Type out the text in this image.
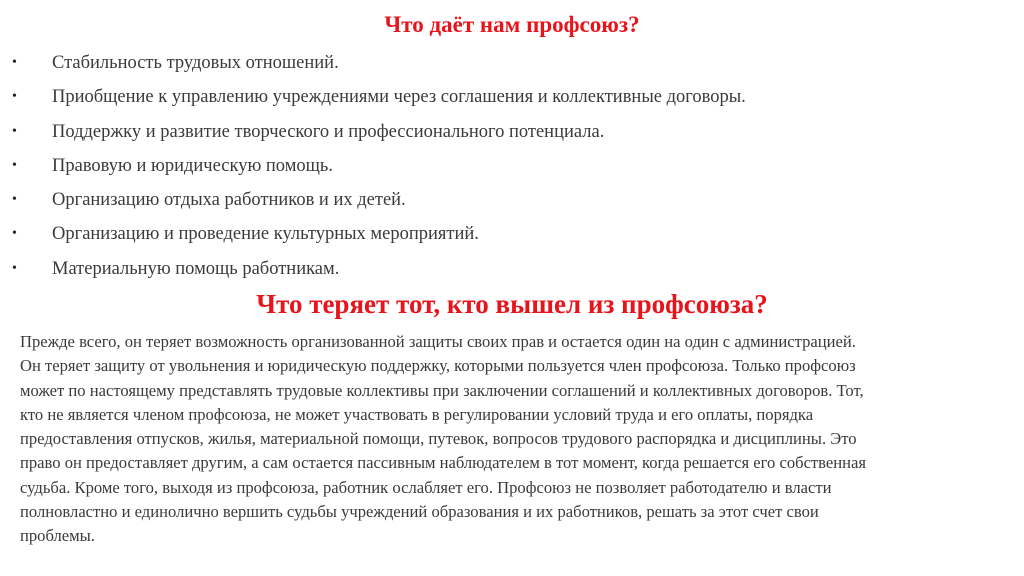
Что даёт нам профсоюз?
•	Стабильность трудовых отношений.
•	Приобщение к управлению учреждениями через соглашения и коллективные договоры.
•	Поддержку и развитие творческого и профессионального потенциала.
•	Правовую и юридическую помощь.
•	Организацию отдыха работников и их детей.
•	Организацию и проведение культурных мероприятий.
•	Материальную помощь работникам.
Что теряет тот, кто вышел из профсоюза?

Прежде всего, он теряет возможность организованной защиты своих прав и остается один на один с администрацией.
Он теряет защиту от увольнения и юридическую поддержку, которыми пользуется член профсоюза. Только профсоюз
может по настоящему представлять трудовые коллективы при заключении соглашений и коллективных договоров. Тот,
кто не является членом профсоюза, не может участвовать в регулировании условий труда и его оплаты, порядка
предоставления отпусков, жилья, материальной помощи, путевок, вопросов трудового распорядка и дисциплины. Это
право он предоставляет другим, а сам остается пассивным наблюдателем в тот момент, когда решается его собственная
судьба. Кроме того, выходя из профсоюза, работник ослабляет его. Профсоюз не позволяет работодателю и власти
полновластно и единолично вершить судьбы учреждений образования и их работников, решать за этот счет свои
проблемы.
